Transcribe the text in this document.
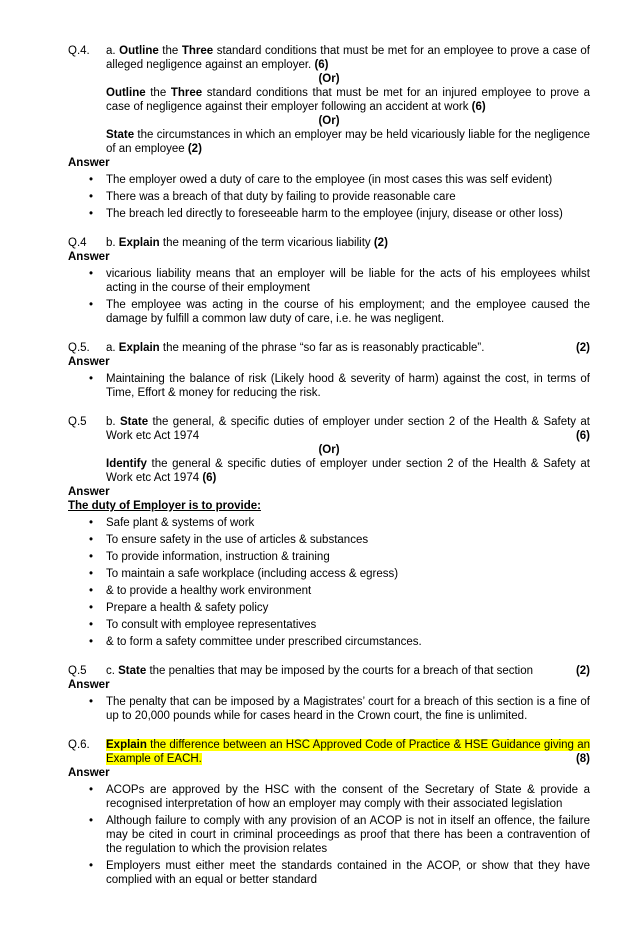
Q.4. a. Outline the Three standard conditions that must be met for an employee to prove a case of alleged negligence against an employer. (6)
(Or)
Outline the Three standard conditions that must be met for an injured employee to prove a case of negligence against their employer following an accident at work (6)
(Or)
State the circumstances in which an employer may be held vicariously liable for the negligence of an employee (2)
Answer
• The employer owed a duty of care to the employee (in most cases this was self evident)
• There was a breach of that duty by failing to provide reasonable care
• The breach led directly to foreseeable harm to the employee (injury, disease or other loss)
Q.4 b. Explain the meaning of the term vicarious liability (2)
Answer
• vicarious liability means that an employer will be liable for the acts of his employees whilst acting in the course of their employment
• The employee was acting in the course of his employment; and the employee caused the damage by fulfill a common law duty of care, i.e. he was negligent.
Q.5. a. Explain the meaning of the phrase “so far as is reasonably practicable”.	(2)
Answer
• Maintaining the balance of risk (Likely hood & severity of harm) against the cost, in terms of Time, Effort & money for reducing the risk.
Q.5 b. State the general, & specific duties of employer under section 2 of the Health & Safety at Work etc Act 1974	(6)
(Or)
Identify the general & specific duties of employer under section 2 of the Health & Safety at Work etc Act 1974 (6)
Answer
The duty of Employer is to provide:
• Safe plant & systems of work
• To ensure safety in the use of articles & substances
• To provide information, instruction & training
• To maintain a safe workplace (including access & egress)
• & to provide a healthy work environment
• Prepare a health & safety policy
• To consult with employee representatives
• & to form a safety committee under prescribed circumstances.
Q.5 c. State the penalties that may be imposed by the courts for a breach of that section	(2)
Answer
• The penalty that can be imposed by a Magistrates’ court for a breach of this section is a fine of up to 20,000 pounds while for cases heard in the Crown court, the fine is unlimited.
Q.6. Explain the difference between an HSC Approved Code of Practice & HSE Guidance giving an Example of EACH.	(8)
Answer
• ACOPs are approved by the HSC with the consent of the Secretary of State & provide a recognised interpretation of how an employer may comply with their associated legislation
• Although failure to comply with any provision of an ACOP is not in itself an offence, the failure may be cited in court in criminal proceedings as proof that there has been a contravention of the regulation to which the provision relates
• Employers must either meet the standards contained in the ACOP, or show that they have complied with an equal or better standard
